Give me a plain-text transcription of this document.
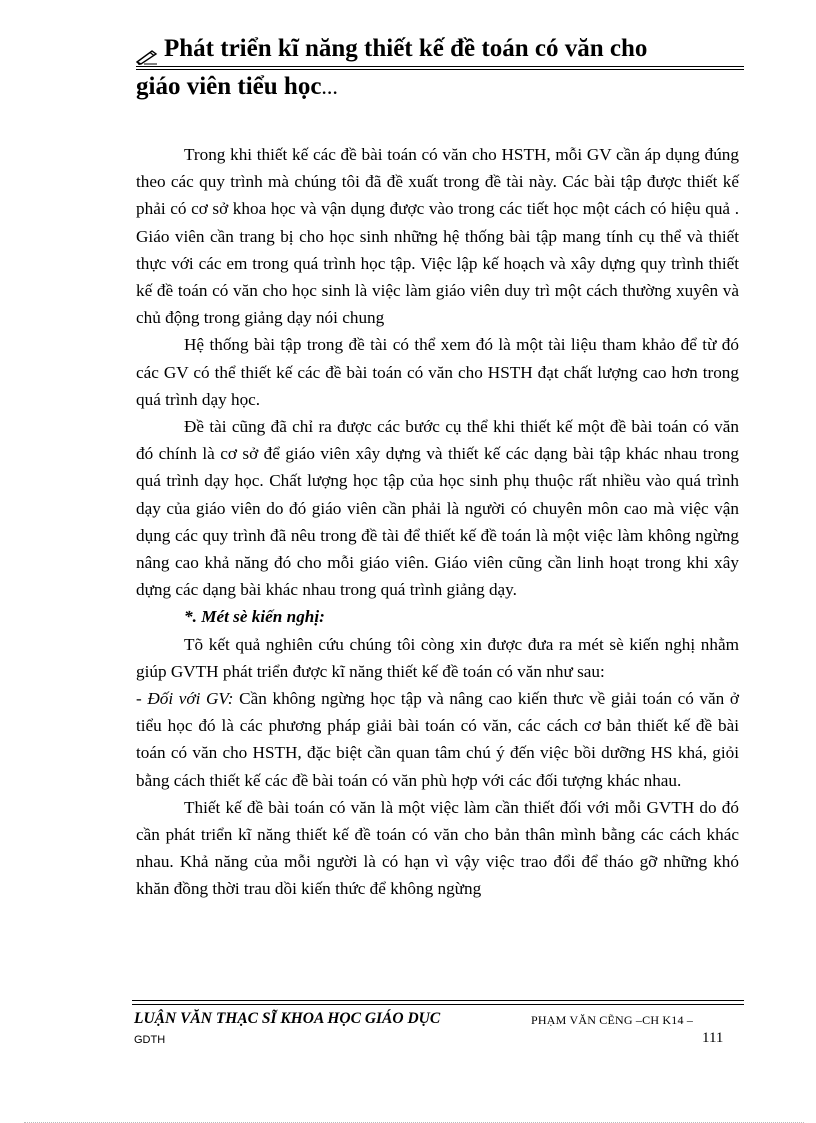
Phát triển kĩ năng thiết kế đề toán có văn cho
giáo viên tiểu học...

Trong khi thiết kế các đề bài toán có văn cho HSTH, mỗi GV cần áp dụng đúng theo các quy trình mà chúng tôi đã đề xuất trong đề tài này. Các bài tập được thiết kế phải có cơ sở khoa học và vận dụng được vào trong các tiết học một cách có hiệu quả . Giáo viên cần trang bị cho học sinh những hệ thống bài tập mang tính cụ thể và thiết thực với các em trong quá trình học tập. Việc lập kế hoạch và xây dựng quy trình thiết kế đề toán có văn cho học sinh là việc làm giáo viên duy trì một cách thường xuyên và chủ động trong giảng dạy nói chung

Hệ thống bài tập trong đề tài có thể xem đó là một tài liệu tham khảo để từ đó các GV có thể thiết kế các đề bài toán có văn cho HSTH đạt chất lượng cao hơn trong quá trình dạy học.

Đề tài cũng đã chỉ ra được các bước cụ thể khi thiết kế một đề bài toán có văn đó chính là cơ sở để giáo viên xây dựng và thiết kế các dạng bài tập khác nhau trong quá trình dạy học. Chất lượng học tập của học sinh phụ thuộc rất nhiều vào quá trình dạy của giáo viên do đó giáo viên cần phải là người có chuyên môn cao mà việc vận dụng các quy trình đã nêu trong đề tài để thiết kế đề toán là một việc làm không ngừng nâng cao khả năng đó cho mỗi giáo viên. Giáo viên cũng cần linh hoạt trong khi xây dựng các dạng bài khác nhau trong quá trình giảng dạy.

*. Mét sè kiến nghị:

Tõ kết quả nghiên cứu chúng tôi còng xin được đưa ra mét sè kiến nghị nhằm giúp GVTH phát triển được kĩ năng thiết kế đề toán có văn như sau:

- Đối với GV: Cần không ngừng học tập và nâng cao kiến thưc về giải toán có văn ở tiểu học đó là các phương pháp giải bài toán có văn, các cách cơ bản thiết kế đề bài toán có văn cho HSTH, đặc biệt cần quan tâm chú ý đến việc bồi dưỡng HS khá, giỏi bằng cách thiết kế các đề bài toán có văn phù hợp với các đối tượng khác nhau.

Thiết kế đề bài toán có văn là một việc làm cần thiết đối với mỗi GVTH do đó cần phát triển kĩ năng thiết kế đề toán có văn cho bản thân mình bằng các cách khác nhau. Khả năng của mỗi người là có hạn vì vậy việc trao đổi để tháo gỡ những khó khăn đồng thời trau dồi kiến thức để không ngừng

LUẬN VĂN THẠC SĨ KHOA HỌC GIÁO DỤC	PHẠM VĂN CẼNG –CH K14 –
GDTH	111
